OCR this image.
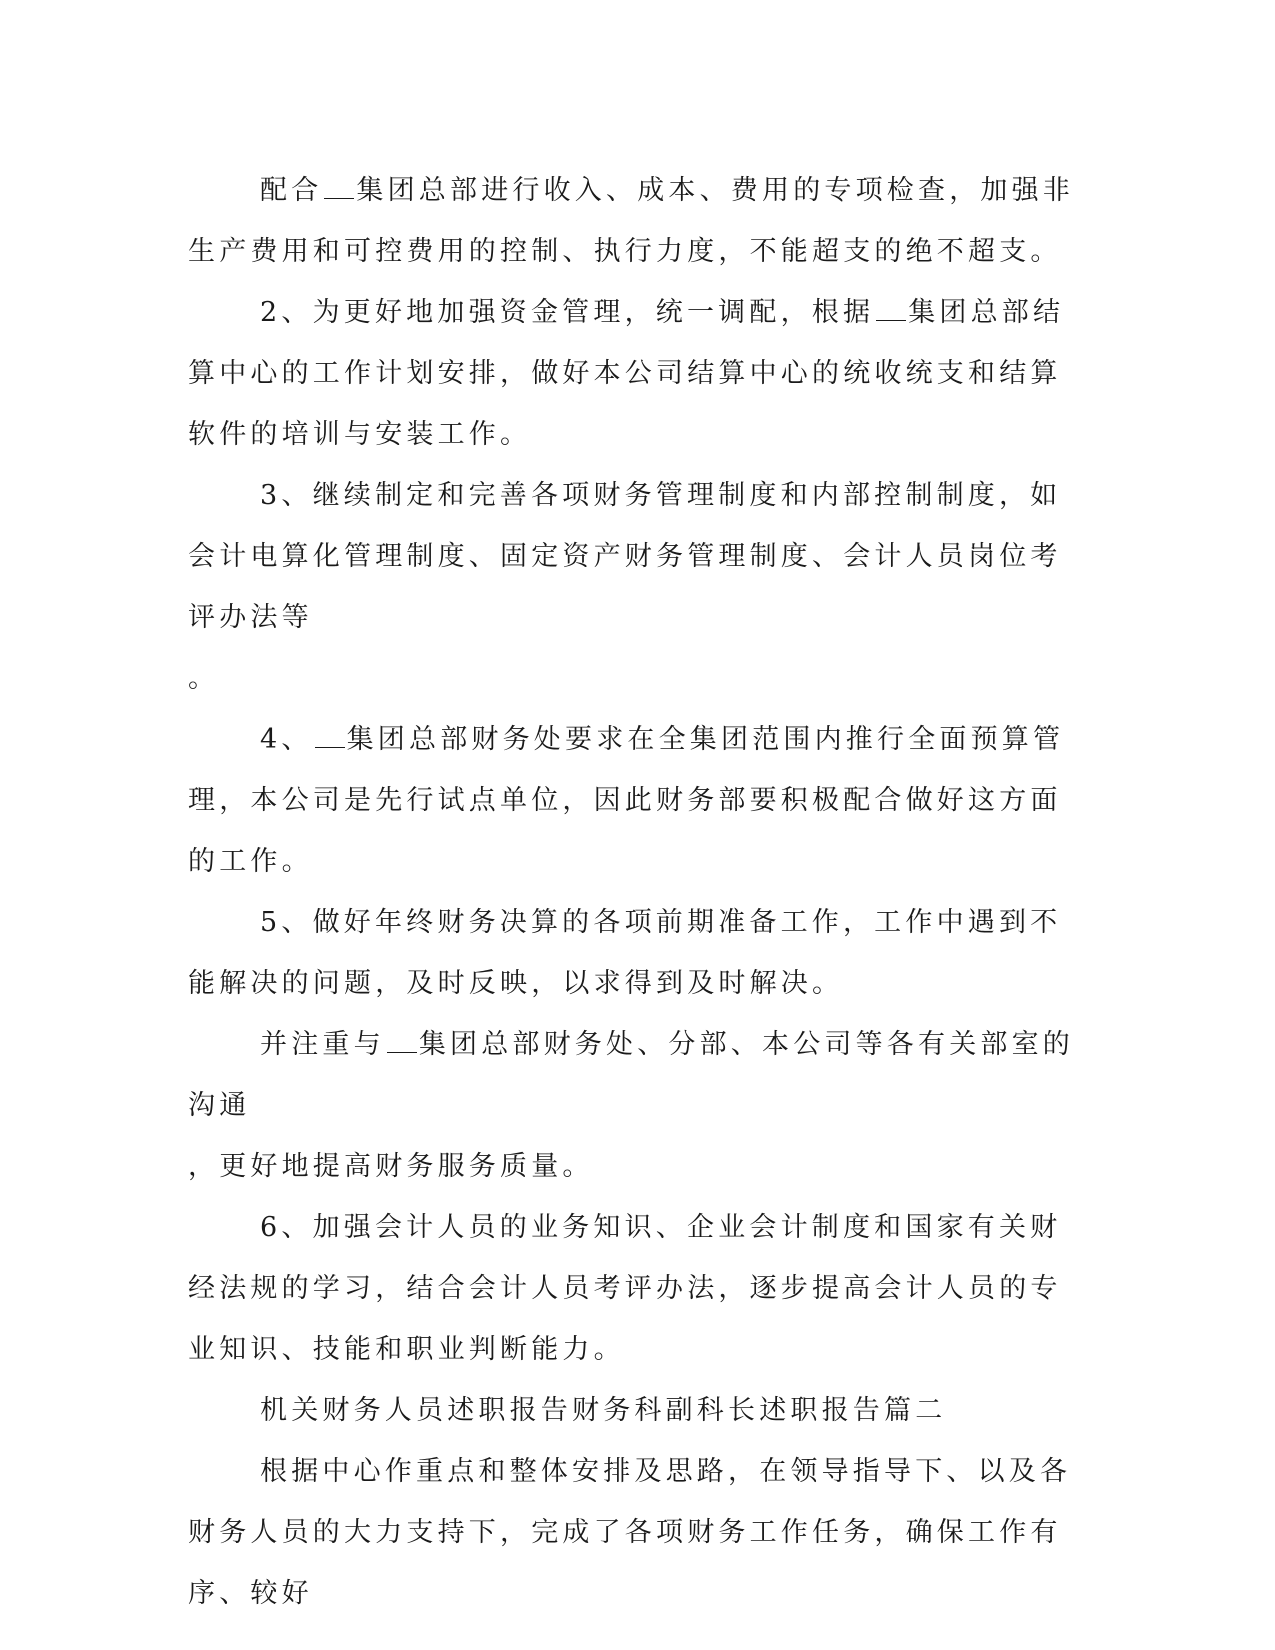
配合 集团总部进行收入、成本、费用的专项检查，加强非生产费用和可控费用的控制、执行力度，不能超支的绝不超支。

2、为更好地加强资金管理，统一调配，根据 集团总部结算中心的工作计划安排，做好本公司结算中心的统收统支和结算软件的培训与安装工作。

3、继续制定和完善各项财务管理制度和内部控制制度，如会计电算化管理制度、固定资产财务管理制度、会计人员岗位考评办法等

。

4、 集团总部财务处要求在全集团范围内推行全面预算管理，本公司是先行试点单位，因此财务部要积极配合做好这方面的工作。

5、做好年终财务决算的各项前期准备工作，工作中遇到不能解决的问题，及时反映，以求得到及时解决。

并注重与 集团总部财务处、分部、本公司等各有关部室的沟通

，更好地提高财务服务质量。

6、加强会计人员的业务知识、企业会计制度和国家有关财经法规的学习，结合会计人员考评办法，逐步提高会计人员的专业知识、技能和职业判断能力。

机关财务人员述职报告财务科副科长述职报告篇二

根据中心作重点和整体安排及思路，在领导指导下、以及各财务人员的大力支持下，完成了各项财务工作任务，确保工作有序、较好
